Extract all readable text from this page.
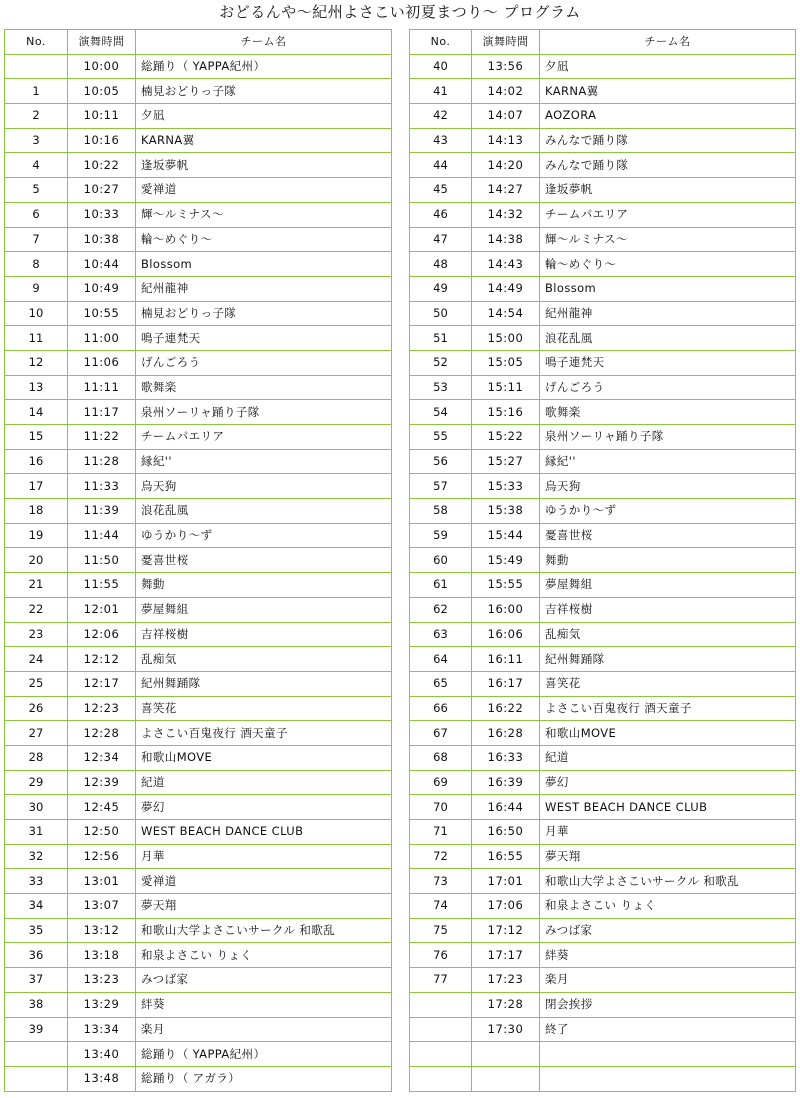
おどるんや〜紀州よさこい初夏まつり〜 プログラム
No.	演舞時間	チーム名
	10:00	総踊り（ YAPPA紀州）
1	10:05	楠見おどりっ子隊
2	10:11	夕凪
3	10:16	KARNA翼
4	10:22	逢坂夢帆
5	10:27	愛禅道
6	10:33	輝〜ルミナス〜
7	10:38	輪〜めぐり〜
8	10:44	Blossom
9	10:49	紀州龍神
10	10:55	楠見おどりっ子隊
11	11:00	鳴子連梵天
12	11:06	げんごろう
13	11:11	歌舞楽
14	11:17	泉州ソーリャ踊り子隊
15	11:22	チームパエリア
16	11:28	縁紀''
17	11:33	烏天狗
18	11:39	浪花乱風
19	11:44	ゆうかり〜ず
20	11:50	憂喜世桜
21	11:55	舞動
22	12:01	夢屋舞組
23	12:06	吉祥桜樹
24	12:12	乱痴気
25	12:17	紀州舞踊隊
26	12:23	喜笑花
27	12:28	よさこい百鬼夜行 酒天童子
28	12:34	和歌山MOVE
29	12:39	紀道
30	12:45	夢幻
31	12:50	WEST BEACH DANCE CLUB
32	12:56	月華
33	13:01	愛禅道
34	13:07	夢天翔
35	13:12	和歌山大学よさこいサークル 和歌乱
36	13:18	和泉よさこい りょく
37	13:23	みつば家
38	13:29	絆葵
39	13:34	楽月
	13:40	総踊り（ YAPPA紀州）
	13:48	総踊り（ アガラ）
No.	演舞時間	チーム名
40	13:56	夕凪
41	14:02	KARNA翼
42	14:07	AOZORA
43	14:13	みんなで踊り隊
44	14:20	みんなで踊り隊
45	14:27	逢坂夢帆
46	14:32	チームパエリア
47	14:38	輝〜ルミナス〜
48	14:43	輪〜めぐり〜
49	14:49	Blossom
50	14:54	紀州龍神
51	15:00	浪花乱風
52	15:05	鳴子連梵天
53	15:11	げんごろう
54	15:16	歌舞楽
55	15:22	泉州ソーリャ踊り子隊
56	15:27	縁紀''
57	15:33	烏天狗
58	15:38	ゆうかり〜ず
59	15:44	憂喜世桜
60	15:49	舞動
61	15:55	夢屋舞組
62	16:00	吉祥桜樹
63	16:06	乱痴気
64	16:11	紀州舞踊隊
65	16:17	喜笑花
66	16:22	よさこい百鬼夜行 酒天童子
67	16:28	和歌山MOVE
68	16:33	紀道
69	16:39	夢幻
70	16:44	WEST BEACH DANCE CLUB
71	16:50	月華
72	16:55	夢天翔
73	17:01	和歌山大学よさこいサークル 和歌乱
74	17:06	和泉よさこい りょく
75	17:12	みつば家
76	17:17	絆葵
77	17:23	楽月
	17:28	閉会挨拶
	17:30	終了
